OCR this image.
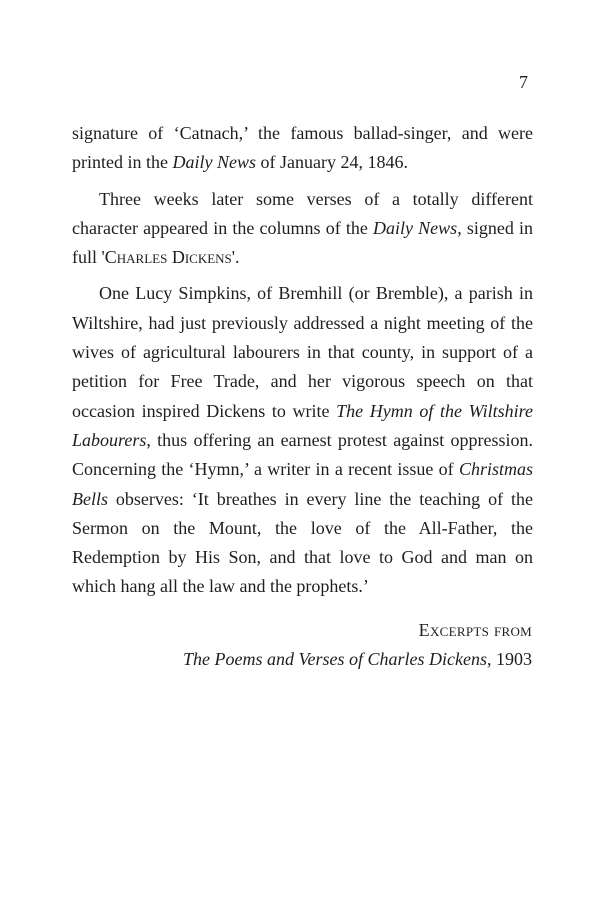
7

signature of ‘Catnach,’ the famous ballad-singer, and were printed in the Daily News of January 24, 1846.

Three weeks later some verses of a totally different character appeared in the columns of the Daily News, signed in full 'Charles Dickens'.

One Lucy Simpkins, of Bremhill (or Bremble), a parish in Wiltshire, had just previously addressed a night meeting of the wives of agricultural labourers in that county, in support of a petition for Free Trade, and her vigorous speech on that occasion inspired Dickens to write The Hymn of the Wiltshire Labourers, thus offering an earnest protest against oppression. Concerning the ‘Hymn,’ a writer in a recent issue of Christmas Bells observes: ‘It breathes in every line the teaching of the Sermon on the Mount, the love of the All-Father, the Redemption by His Son, and that love to God and man on which hang all the law and the prophets.’

Excerpts from
The Poems and Verses of Charles Dickens, 1903
